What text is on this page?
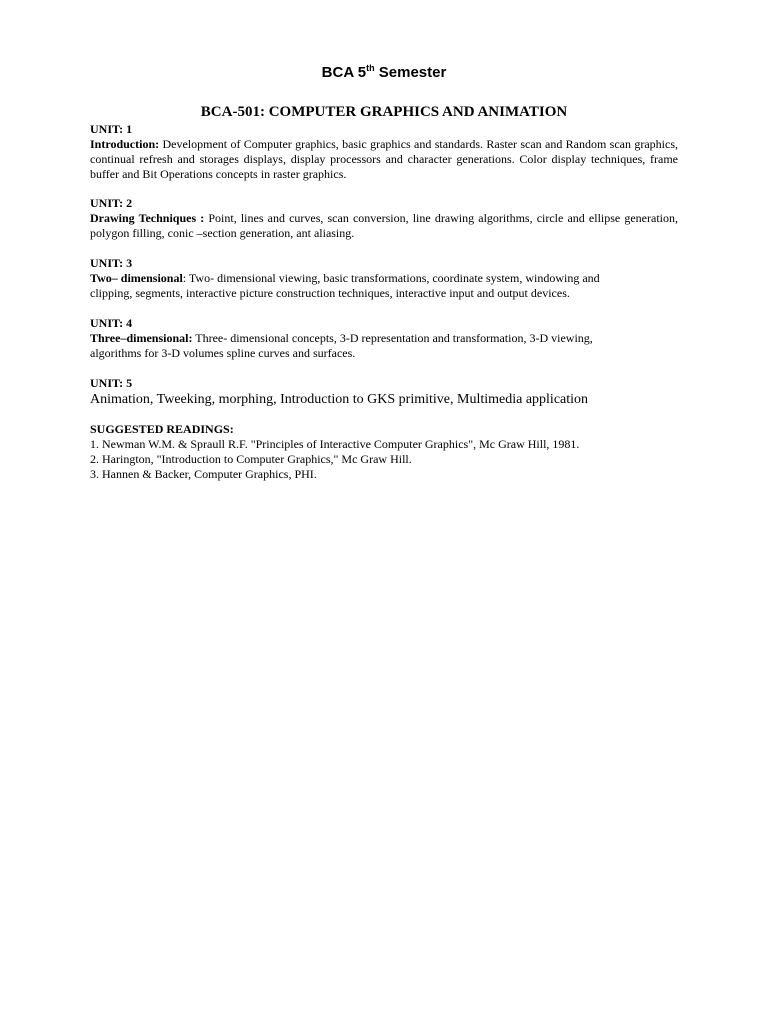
BCA 5th Semester
BCA-501: COMPUTER GRAPHICS AND ANIMATION
UNIT: 1
Introduction: Development of Computer graphics, basic graphics and standards. Raster scan and Random scan graphics, continual refresh and storages displays, display processors and character generations. Color display techniques, frame buffer and Bit Operations concepts in raster graphics.
UNIT: 2
Drawing Techniques : Point, lines and curves, scan conversion, line drawing algorithms, circle and ellipse generation, polygon filling, conic –section generation, ant aliasing.
UNIT: 3
Two– dimensional: Two- dimensional viewing, basic transformations, coordinate system, windowing and
clipping, segments, interactive picture construction techniques, interactive input and output devices.
UNIT: 4
Three–dimensional: Three- dimensional concepts, 3-D representation and transformation, 3-D viewing,
algorithms for 3-D volumes spline curves and surfaces.
UNIT: 5
Animation, Tweeking, morphing, Introduction to GKS primitive, Multimedia application
SUGGESTED READINGS:
1. Newman W.M. & Spraull R.F. "Principles of Interactive Computer Graphics", Mc Graw Hill, 1981.
2. Harington, "Introduction to Computer Graphics," Mc Graw Hill.
3. Hannen & Backer, Computer Graphics, PHI.
